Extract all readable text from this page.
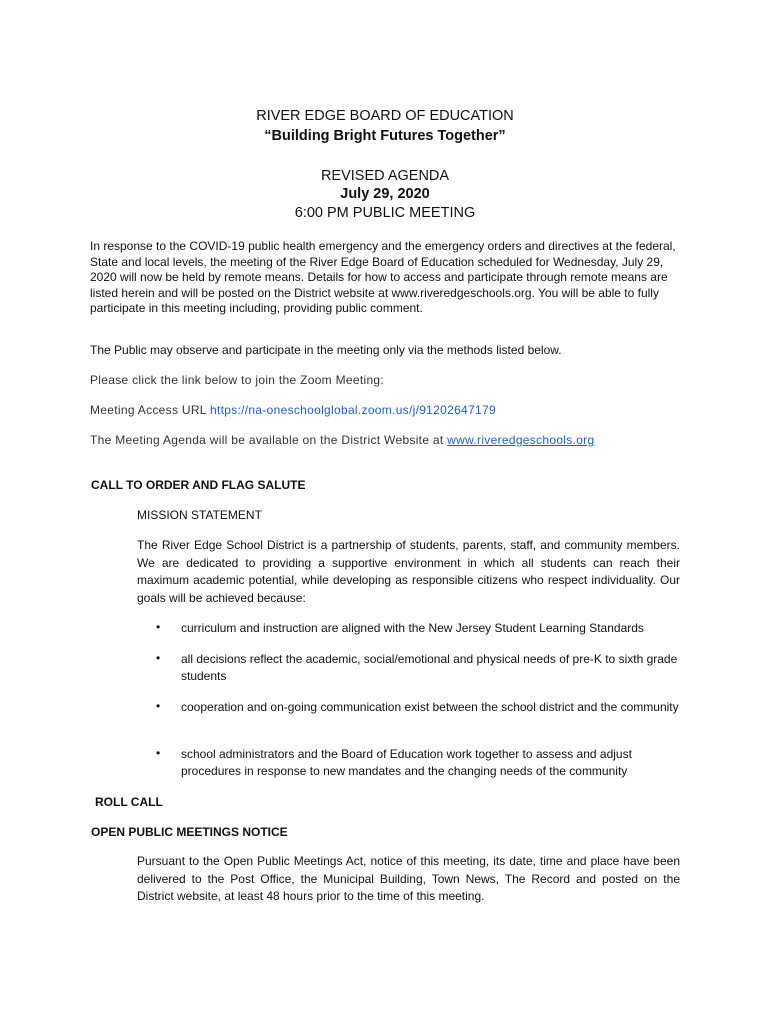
RIVER EDGE BOARD OF EDUCATION
“Building Bright Futures Together”
REVISED AGENDA
July 29, 2020
6:00 PM PUBLIC MEETING
In response to the COVID-19 public health emergency and the emergency orders and directives at the federal, State and local levels, the meeting of the River Edge Board of Education scheduled for Wednesday, July 29, 2020 will now be held by remote means. Details for how to access and participate through remote means are listed herein and will be posted on the District website at www.riveredgeschools.org. You will be able to fully participate in this meeting including, providing public comment.
The Public may observe and participate in the meeting only via the methods listed below.
Please click the link below to join the Zoom Meeting:
Meeting Access URL https://na-oneschoolglobal.zoom.us/j/91202647179
The Meeting Agenda will be available on the District Website at www.riveredgeschools.org
CALL TO ORDER AND FLAG SALUTE
MISSION STATEMENT
The River Edge School District is a partnership of students, parents, staff, and community members. We are dedicated to providing a supportive environment in which all students can reach their maximum academic potential, while developing as responsible citizens who respect individuality. Our goals will be achieved because:
• curriculum and instruction are aligned with the New Jersey Student Learning Standards
• all decisions reflect the academic, social/emotional and physical needs of pre-K to sixth grade students
• cooperation and on-going communication exist between the school district and the community
• school administrators and the Board of Education work together to assess and adjust procedures in response to new mandates and the changing needs of the community
ROLL CALL
OPEN PUBLIC MEETINGS NOTICE
Pursuant to the Open Public Meetings Act, notice of this meeting, its date, time and place have been delivered to the Post Office, the Municipal Building, Town News, The Record and posted on the District website, at least 48 hours prior to the time of this meeting.
